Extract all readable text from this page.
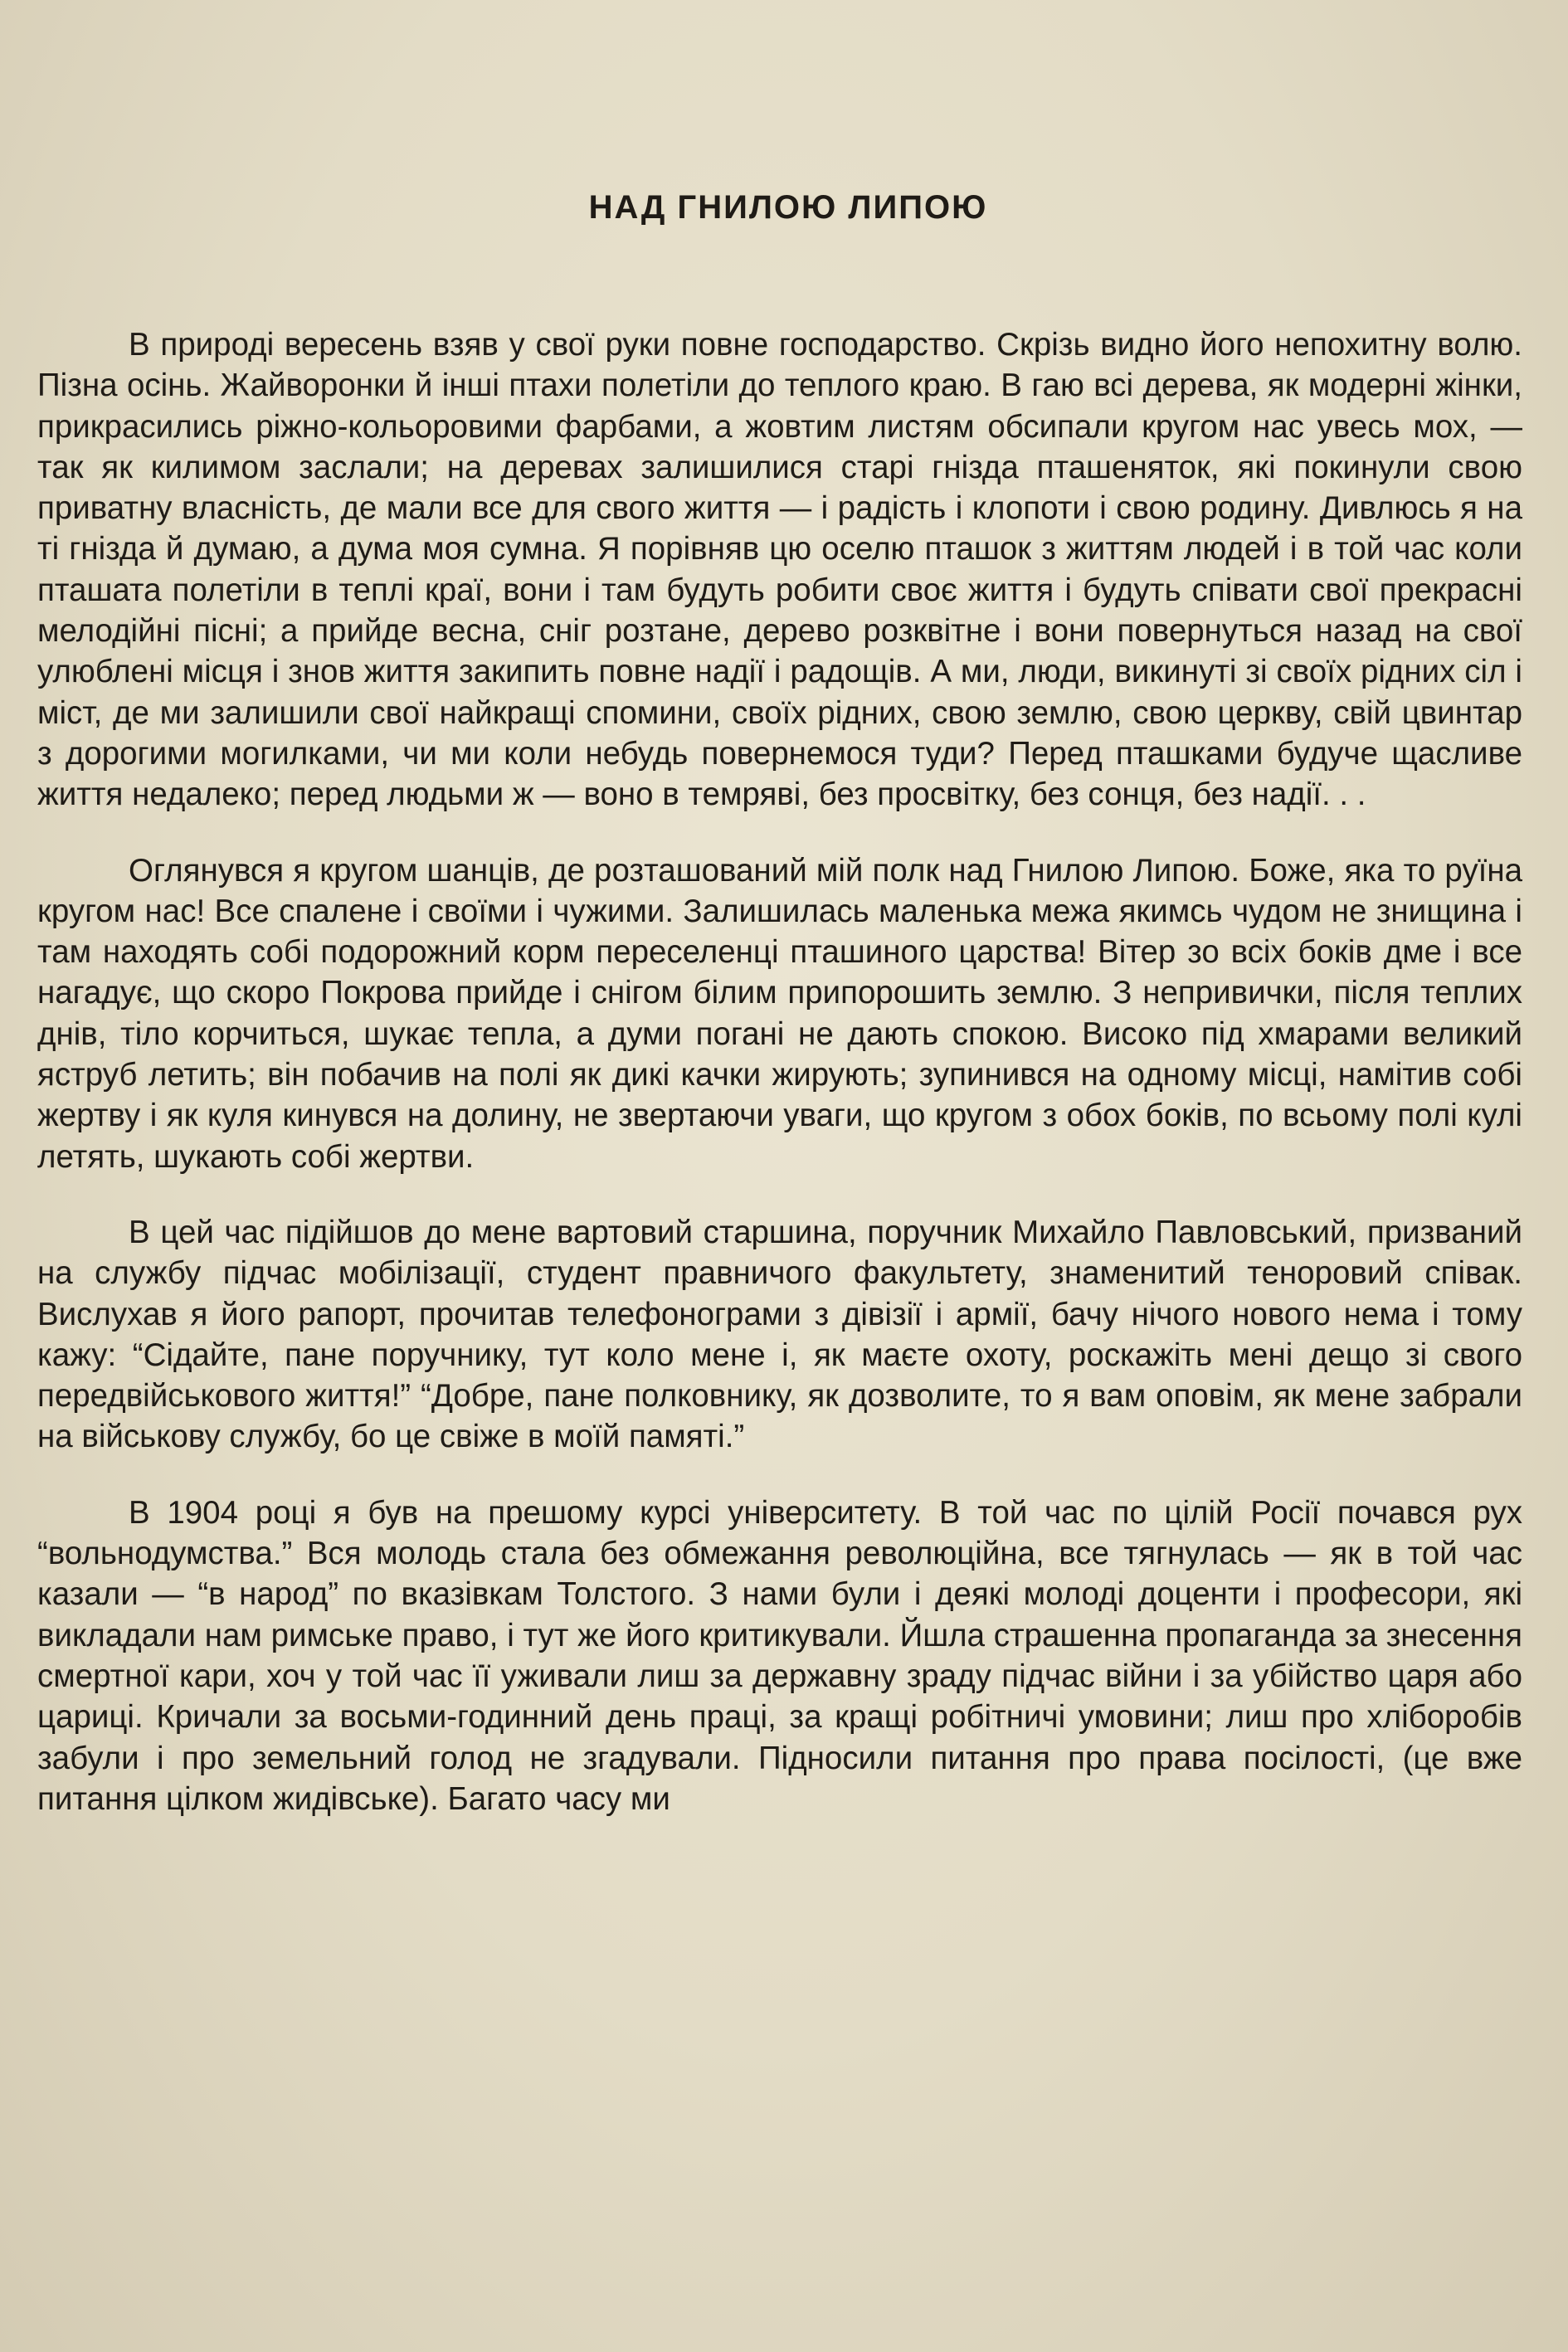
НАД ГНИЛОЮ ЛИПОЮ

В природі вересень взяв у свої руки повне господарство. Скрізь видно його непохитну волю. Пізна осінь. Жайворонки й інші птахи полетіли до теплого краю. В гаю всі дерева, як модерні жінки, прикрасились ріжно-кольоровими фарбами, а жовтим листям обсипали кругом нас увесь мох, — так як килимом заслали; на деревах залишилися старі гнізда пташеняток, які покинули свою приватну власність, де мали все для свого життя — і радість і клопоти і свою родину. Дивлюсь я на ті гнізда й думаю, а дума моя сумна. Я порівняв цю оселю пташок з життям людей і в той час коли пташата полетіли в теплі краї, вони і там будуть робити своє життя і будуть співати свої прекрасні мелодійні пісні; а прийде весна, сніг розтане, дерево розквітне і вони повернуться назад на свої улюблені місця і знов життя закипить повне надії і радощів. А ми, люди, викинуті зі своїх рідних сіл і міст, де ми залишили свої найкращі спомини, своїх рідних, свою землю, свою церкву, свій цвинтар з дорогими могилками, чи ми коли небудь повернемося туди? Перед пташками будуче щасливе життя недалеко; перед людьми ж — воно в темряві, без просвітку, без сонця, без надії. . .

Оглянувся я кругом шанців, де розташований мій полк над Гнилою Липою. Боже, яка то руїна кругом нас! Все спалене і своїми і чужими. Залишилась маленька межа якимсь чудом не знищина і там находять собі подорожний корм переселенці пташиного царства! Вітер зо всіх боків дме і все нагадує, що скоро Покрова прийде і снігом білим припорошить землю. З непривички, після теплих днів, тіло корчиться, шукає тепла, а думи погані не дають спокою. Високо під хмарами великий яструб летить; він побачив на полі як дикі качки жирують; зупинився на одному місці, намітив собі жертву і як куля кинувся на долину, не звертаючи уваги, що кругом з обох боків, по всьому полі кулі летять, шукають собі жертви.

В цей час підійшов до мене вартовий старшина, поручник Михайло Павловський, призваний на службу підчас мобілізації, студент правничого факультету, знаменитий теноровий співак. Вислухав я його рапорт, прочитав телефонограми з дівізії і армії, бачу нічого нового нема і тому кажу: “Сідайте, пане поручнику, тут коло мене і, як маєте охоту, роскажіть мені дещо зі свого передвійськового життя!” “Добре, пане полковнику, як дозволите, то я вам оповім, як мене забрали на військову службу, бо це свіже в моїй памяті.”

В 1904 році я був на прешому курсі університету. В той час по цілій Росії почався рух “вольнодумства.” Вся молодь стала без обмежання революційна, все тягнулась — як в той час казали — “в народ” по вказівкам Толстого. З нами були і деякі молоді доценти і професори, які викладали нам римське право, і тут же його критикували. Йшла страшенна пропаганда за знесення смертної кари, хоч у той час її уживали лиш за державну зраду підчас війни і за убійство царя або цариці. Кричали за восьми-годинний день праці, за кращі робітничі умовини; лиш про хліборобів забули і про земельний голод не згадували. Підносили питання про права посілості, (це вже питання цілком жидівське). Багато часу ми
